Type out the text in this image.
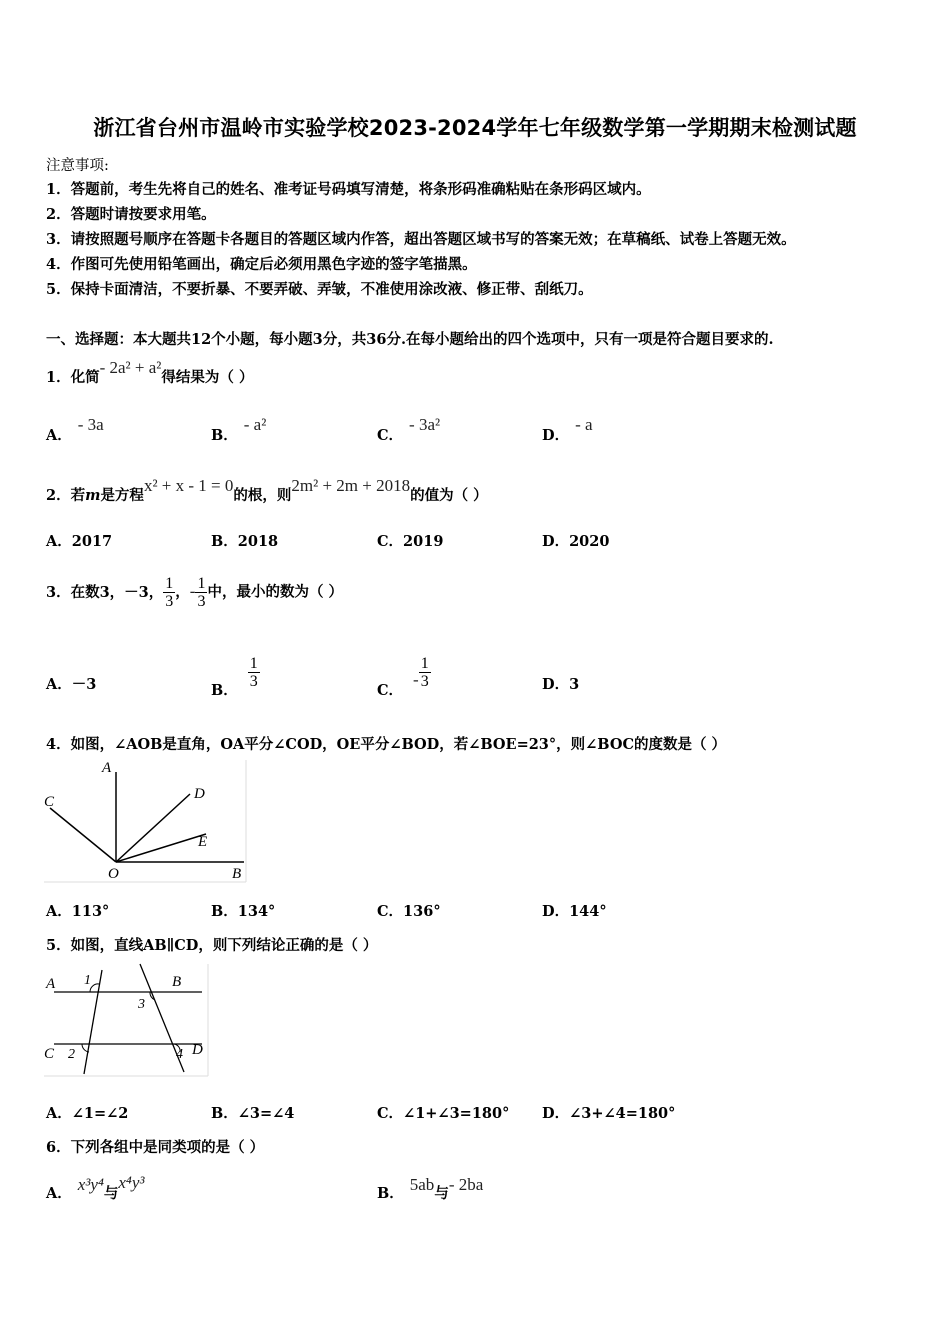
浙江省台州市温岭市实验学校2023-2024学年七年级数学第一学期期末检测试题
注意事项:
1．答题前，考生先将自己的姓名、准考证号码填写清楚，将条形码准确粘贴在条形码区域内。
2．答题时请按要求用笔。
3．请按照题号顺序在答题卡各题目的答题区域内作答，超出答题区域书写的答案无效；在草稿纸、试卷上答题无效。
4．作图可先使用铅笔画出，确定后必须用黑色字迹的签字笔描黑。
5．保持卡面清洁，不要折暴、不要弄破、弄皱，不准使用涂改液、修正带、刮纸刀。
一、选择题：本大题共12个小题，每小题3分，共36分.在每小题给出的四个选项中，只有一项是符合题目要求的.
1．化简- 2a² + a²得结果为（ ）
A．- 3a
B．- a²
C．- 3a²
D．- a
2．若m是方程x² + x - 1 = 0的根，则2m² + 2m + 2018的值为（ ）
A．2017	B．2018	C．2019	D．2020
3．在数3，－3， $\frac{1}{3}$ ，- $\frac{1}{3}$ 中，最小的数为（ ）
A．－3	B． $\frac{1}{3}$	C．- $\frac{1}{3}$	D．3
4．如图，∠AOB是直角，OA平分∠COD，OE平分∠BOD，若∠BOE=23°，则∠BOC的度数是（ ）
A
C	D
E
O	B
A．113°	B．134°	C．136°	D．144°
5．如图，直线AB∥CD，则下列结论正确的是（ ）
A	B
C	D
1
2
3
4
A．∠1=∠2	B．∠3=∠4	C．∠1+∠3=180° D．∠3+∠4=180°
6．下列各组中是同类项的是（ ）
A． x³y⁴与x⁴y³
B． 5ab与- 2ba
